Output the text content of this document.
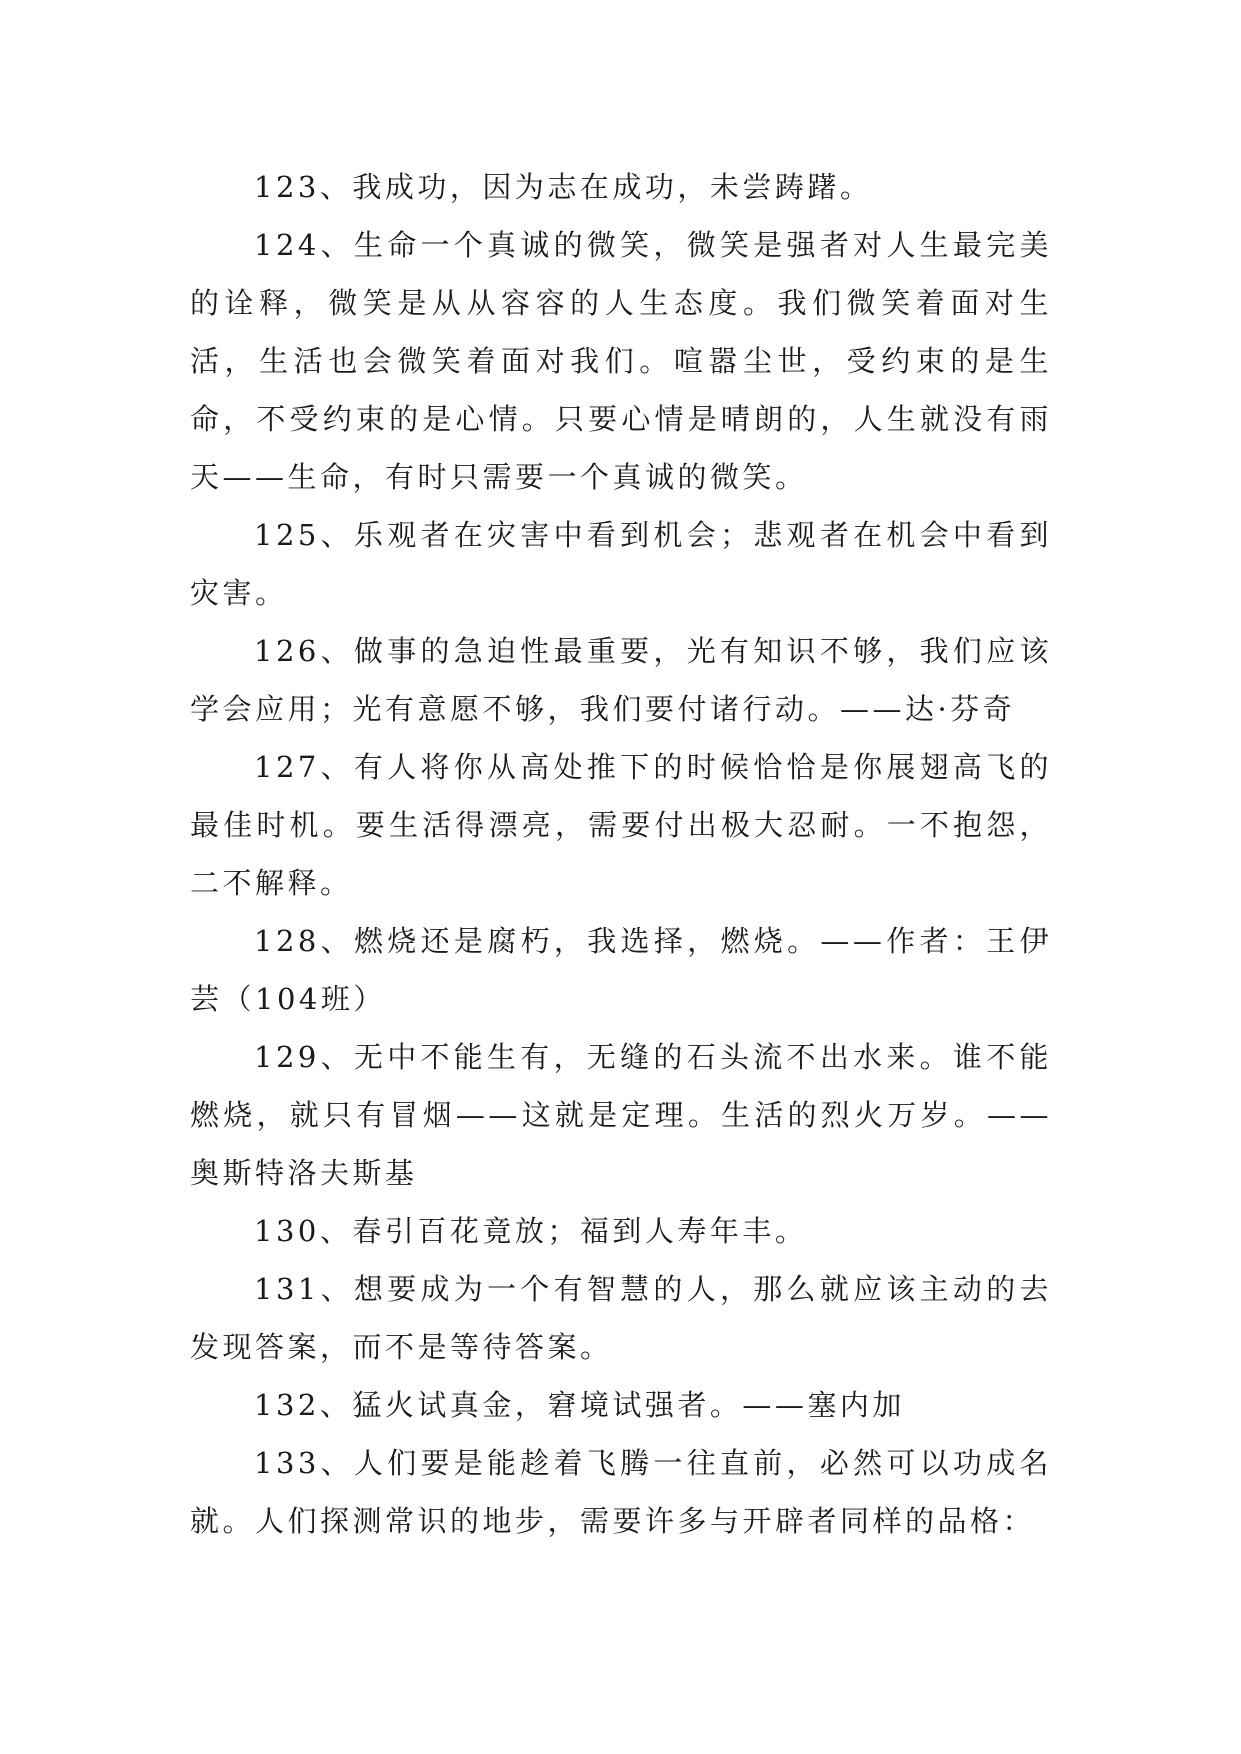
123、我成功，因为志在成功，未尝踌躇。

124、生命一个真诚的微笑，微笑是强者对人生最完美的诠释，微笑是从从容容的人生态度。我们微笑着面对生活，生活也会微笑着面对我们。喧嚣尘世，受约束的是生命，不受约束的是心情。只要心情是晴朗的，人生就没有雨天——生命，有时只需要一个真诚的微笑。

125、乐观者在灾害中看到机会；悲观者在机会中看到灾害。

126、做事的急迫性最重要，光有知识不够，我们应该学会应用；光有意愿不够，我们要付诸行动。——达·芬奇

127、有人将你从高处推下的时候恰恰是你展翅高飞的最佳时机。要生活得漂亮，需要付出极大忍耐。一不抱怨，二不解释。

128、燃烧还是腐朽，我选择，燃烧。——作者：王伊芸（104班）

129、无中不能生有，无缝的石头流不出水来。谁不能燃烧，就只有冒烟——这就是定理。生活的烈火万岁。——奥斯特洛夫斯基

130、春引百花竟放；福到人寿年丰。

131、想要成为一个有智慧的人，那么就应该主动的去发现答案，而不是等待答案。

132、猛火试真金，窘境试强者。——塞内加

133、人们要是能趁着飞腾一往直前，必然可以功成名就。人们探测常识的地步，需要许多与开辟者同样的品格：
